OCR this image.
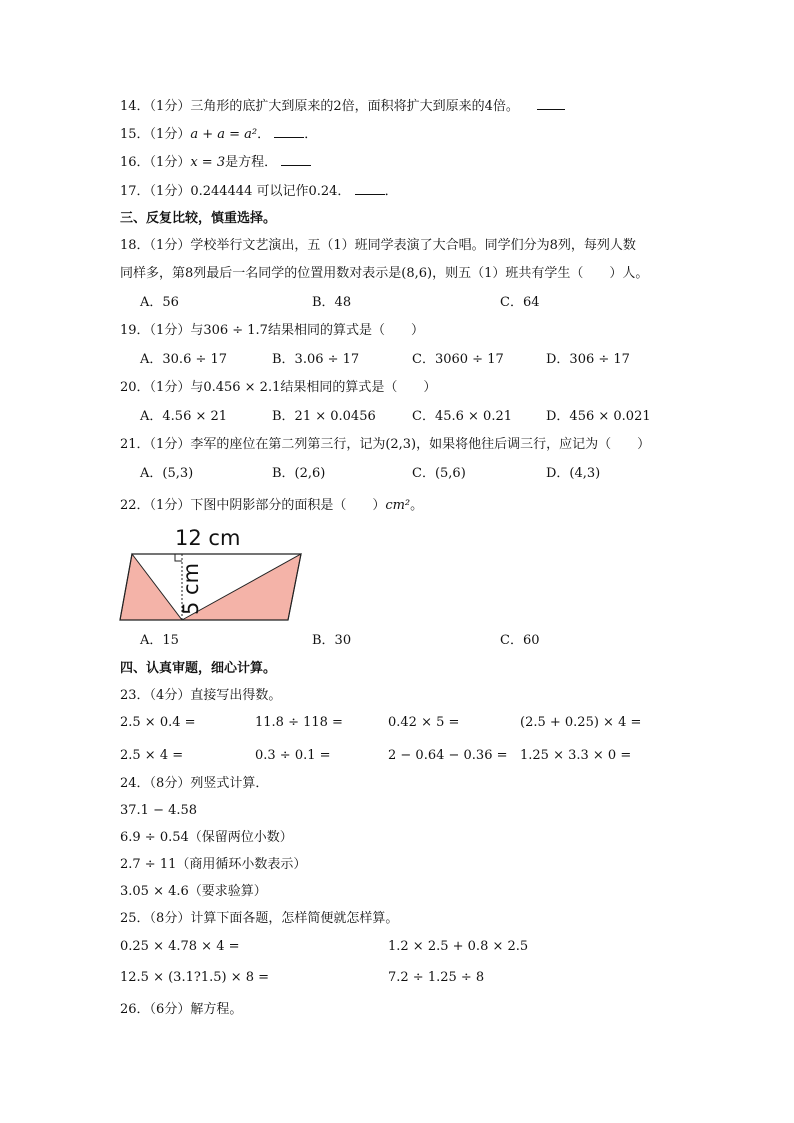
14．（1分）三角形的底扩大到原来的2倍，面积将扩大到原来的4倍。
15．（1分）a + a = a²．	．
16．（1分）x = 3是方程．
17．（1分）0.244444 可以记作0.24̇．	．
三、反复比较，慎重选择。
18．（1分）学校举行文艺演出，五（1）班同学表演了大合唱。同学们分为8列，每列人数
同样多，第8列最后一名同学的位置用数对表示是(8,6)，则五（1）班共有学生（　　）人。
A．56	B．48	C．64
19．（1分）与306 ÷ 1.7结果相同的算式是（　　）
A．30.6 ÷ 17	B．3.06 ÷ 17	C．3060 ÷ 17	D．306 ÷ 17
20．（1分）与0.456 × 2.1结果相同的算式是（　　）
A．4.56 × 21	B．21 × 0.0456	C．45.6 × 0.21	D．456 × 0.021
21．（1分）李军的座位在第二列第三行，记为(2,3)，如果将他往后调三行，应记为（　　）
A．(5,3)	B．(2,6)	C．(5,6)	D．(4,3)
22．（1分）下图中阴影部分的面积是（　　）cm²。
12 cm
5 cm
A．15	B．30	C．60
四、认真审题，细心计算。
23．（4分）直接写出得数。
2.5 × 0.4 =	11.8 ÷ 118 =	0.42 × 5 =	(2.5 + 0.25) × 4 =
2.5 × 4 =	0.3 ÷ 0.1 =	2 − 0.64 − 0.36 = 1.25 × 3.3 × 0 =
24．（8分）列竖式计算．
37.1 − 4.58
6.9 ÷ 0.54（保留两位小数）
2.7 ÷ 11（商用循环小数表示）
3.05 × 4.6（要求验算）
25．（8分）计算下面各题，怎样简便就怎样算。
0.25 × 4.78 × 4 =	1.2 × 2.5 + 0.8 × 2.5
12.5 × (3.1?1.5) × 8 =	7.2 ÷ 1.25 ÷ 8
26．（6分）解方程。
